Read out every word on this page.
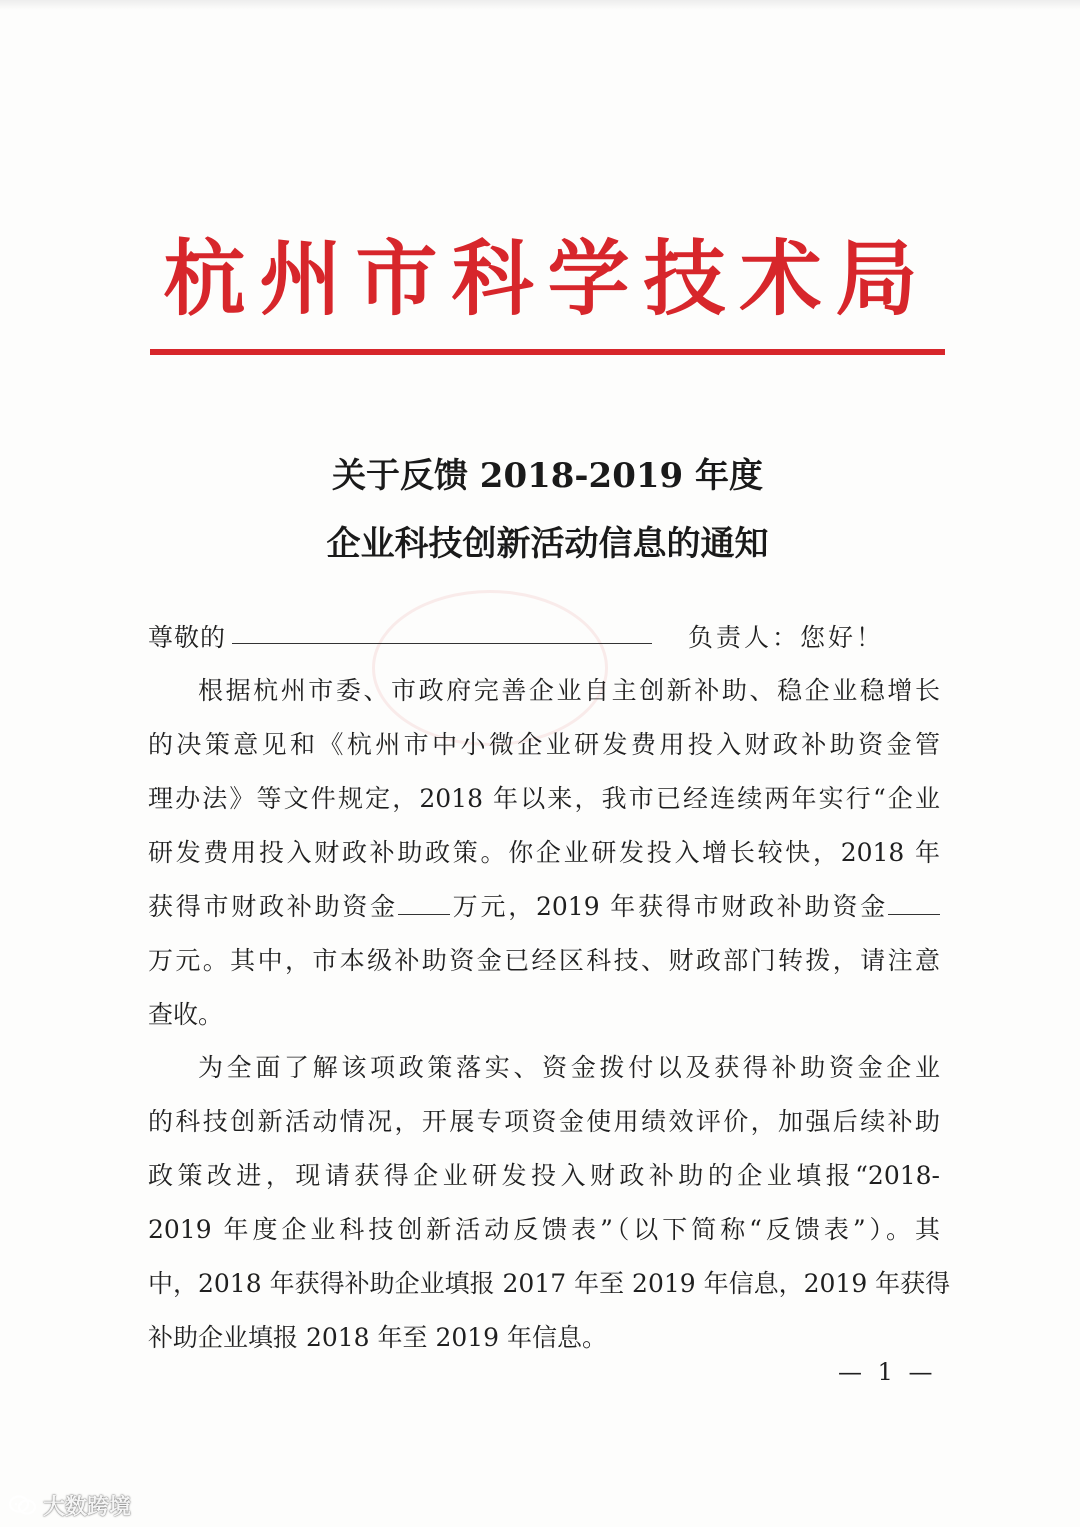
杭州市科学技术局
关于反馈 2018-2019 年度
企业科技创新活动信息的通知
尊敬的	负责人：您好！
根据杭州市委、市政府完善企业自主创新补助、稳企业稳增长
的决策意见和《杭州市中小微企业研发费用投入财政补助资金管
理办法》等文件规定，2018 年以来，我市已经连续两年实行“企业
研发费用投入财政补助政策。你企业研发投入增长较快，2018 年
获得市财政补助资金 万元，2019 年获得市财政补助资金
万元。其中，市本级补助资金已经区科技、财政部门转拨，请注意
查收。
为全面了解该项政策落实、资金拨付以及获得补助资金企业
的科技创新活动情况，开展专项资金使用绩效评价，加强后续补助
政策改进，现请获得企业研发投入财政补助的企业填报“2018-
2019 年度企业科技创新活动反馈表”（以下简称“反馈表”）。其
中，2018 年获得补助企业填报 2017 年至 2019 年信息，2019 年获得
补助企业填报 2018 年至 2019 年信息。
— 1 —
大数跨境
